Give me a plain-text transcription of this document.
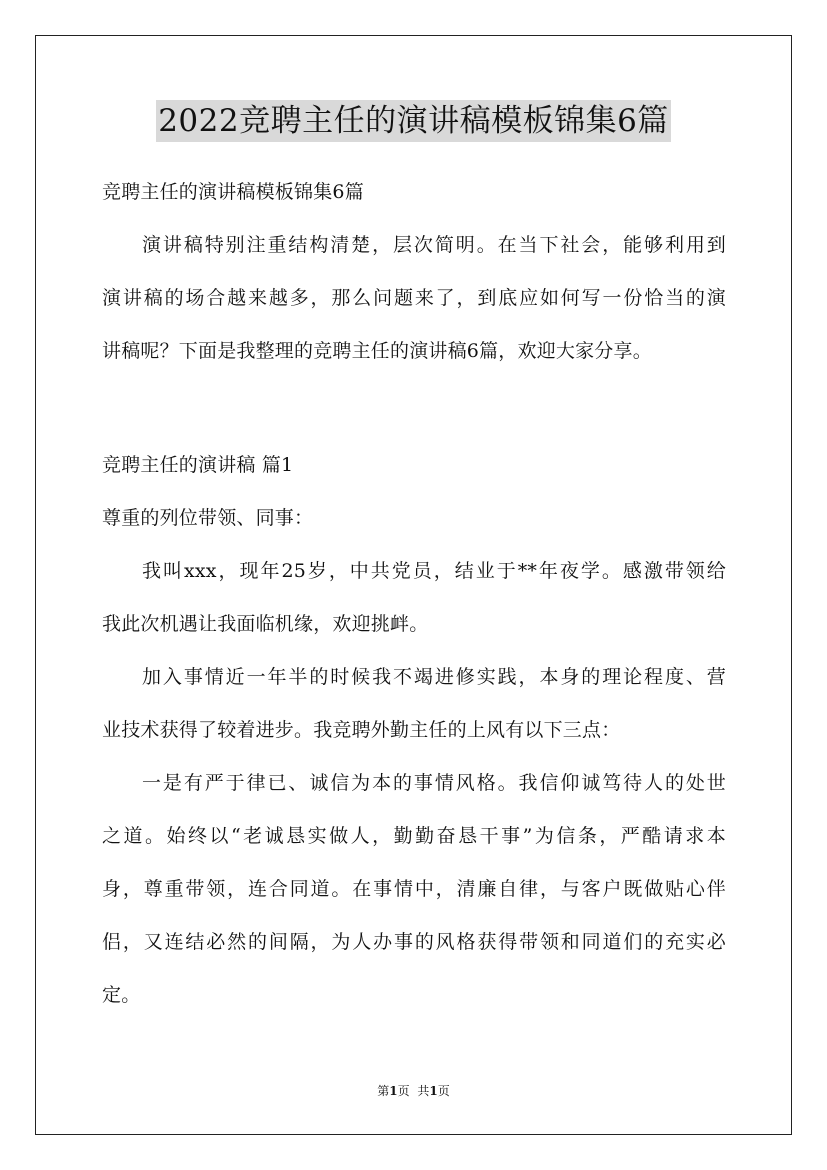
2022竞聘主任的演讲稿模板锦集6篇
竞聘主任的演讲稿模板锦集6篇
演讲稿特别注重结构清楚，层次简明。在当下社会，能够利用到
演讲稿的场合越来越多，那么问题来了，到底应如何写一份恰当的演
讲稿呢？下面是我整理的竞聘主任的演讲稿6篇，欢迎大家分享。
竞聘主任的演讲稿 篇1
尊重的列位带领、同事：
我叫xxx，现年25岁，中共党员，结业于**年夜学。感激带领给
我此次机遇让我面临机缘，欢迎挑衅。
加入事情近一年半的时候我不竭进修实践，本身的理论程度、营
业技术获得了较着进步。我竞聘外勤主任的上风有以下三点：
一是有严于律已、诚信为本的事情风格。我信仰诚笃待人的处世
之道。始终以“老诚恳实做人，勤勤奋恳干事”为信条，严酷请求本
身，尊重带领，连合同道。在事情中，清廉自律，与客户既做贴心伴
侣，又连结必然的间隔，为人办事的风格获得带领和同道们的充实必
定。
第1页 共1页
